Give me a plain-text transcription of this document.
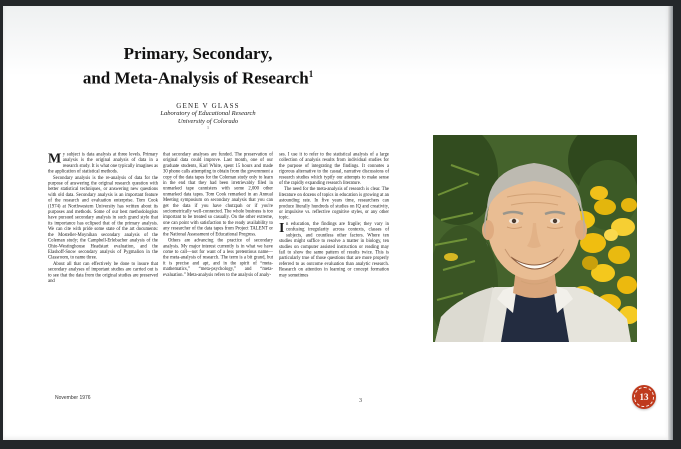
Primary, Secondary,
and Meta-Analysis of Research$^1$
GENE V GLASS
Laboratory of Educational Research
University of Colorado
1

My subject is data analysis at three levels. Primary analysis is the original analysis of data in a research study. It is what one typically imagines as the application of statistical methods.

Secondary analysis is the re-analysis of data for the purpose of answering the original research question with better statistical techniques, or answering new questions with old data. Secondary analysis is an important feature of the research and evaluation enterprise. Tom Cook (1974) at Northwestern University has written about its purposes and methods. Some of our best methodologists have pursued secondary analysis in such grand style that its importance has eclipsed that of the primary analysis. We can cite with pride some state of the art documents: the Mosteller-Moynihan secondary analysis of the Coleman study; the Campbell-Erlebacher analysis of the Ohio-Westinghouse Headstart evaluation, and the Elashoff-Snow secondary analysis of Pygmalion in the Classroom, to name three.

About all that can effectively be done to insure that secondary analyses of important studies are carried out is to see that the data from the original studies are preserved and

that secondary analyses are funded. The preservation of original data could improve. Last month, one of our graduate students, Karl White, spent 15 hours and made 30 phone calls attempting to obtain from the government a copy of the data tapes for the Coleman study only to learn in the end that they had been irretrievably filed in unmarked tape cannisters with some 2,000 other unmarked data tapes. Tom Cook remarked in an Annual Meeting symposium on secondary analysis that you can get the data if you have chutzpah or if you're sociometrically well-connected. The whole business is too important to be treated so casually. On the other extreme, one can point with satisfaction to the ready availability to any researcher of the data tapes from Project TALENT or the National Assessment of Educational Progress.

Others are advancing the practice of secondary analysis. My major interest currently is in what we have come to call—not for want of a less pretentious name—the meta-analysis of research. The term is a bit grand, but it is precise and apt, and in the spirit of “meta-mathematics,” “meta-psychology,” and “meta-evaluation.” Meta-analysis refers to the analysis of analy-

ses. I use it to refer to the statistical analysis of a large collection of analysis results from individual studies for the purpose of integrating the findings. It connotes a rigorous alternative to the casual, narrative discussions of research studies which typify our attempts to make sense of the rapidly expanding research literature.

The need for the meta-analysis of research is clear. The literature on dozens of topics in education is growing at an astounding rate. In five years time, researchers can produce literally hundreds of studies on IQ and creativity, or impulsive vs. reflective cognitive styles, or any other topic.

In education, the findings are fragile; they vary in confusing irregularity across contexts, classes of subjects, and countless other factors. Where ten studies might suffice to resolve a matter in biology, ten studies on computer assisted instruction or reading may fail to show the same pattern of results twice. This is particularly true of those questions that are more properly referred to as outcome evaluation than analytic research. Research on attention in learning or concept formation may sometimes

November 1976
3	13
